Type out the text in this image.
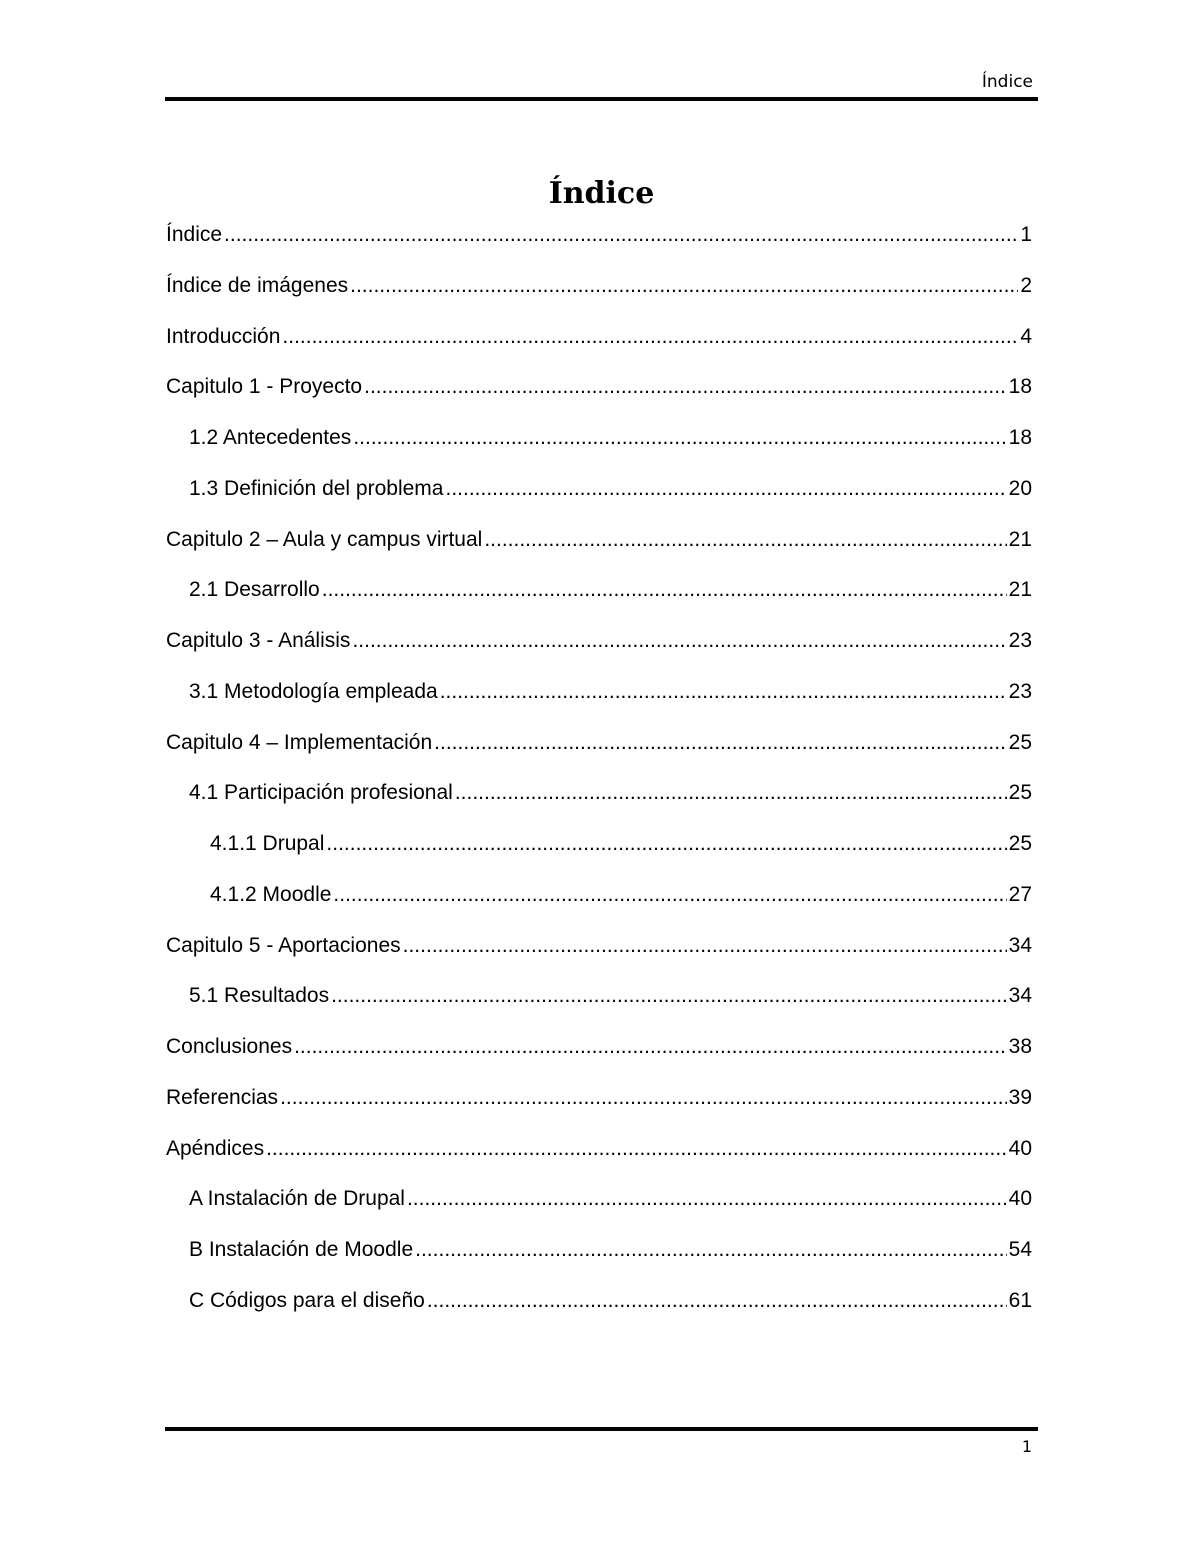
Índice
Índice
Índice .....	1
Índice de imágenes .....	2
Introducción .....	4
Capitulo 1 - Proyecto .....	18
1.2 Antecedentes .....	18
1.3 Definición del problema .....	20
Capitulo 2 – Aula y campus virtual .....	21
2.1 Desarrollo .....	21
Capitulo 3 - Análisis .....	23
3.1 Metodología empleada .....	23
Capitulo 4 – Implementación .....	25
4.1 Participación profesional .....	25
4.1.1 Drupal .....	25
4.1.2 Moodle .....	27
Capitulo 5 - Aportaciones .....	34
5.1 Resultados .....	34
Conclusiones .....	38
Referencias .....	39
Apéndices .....	40
A Instalación de Drupal .....	40
B Instalación de Moodle .....	54
C Códigos para el diseño .....	61
1
